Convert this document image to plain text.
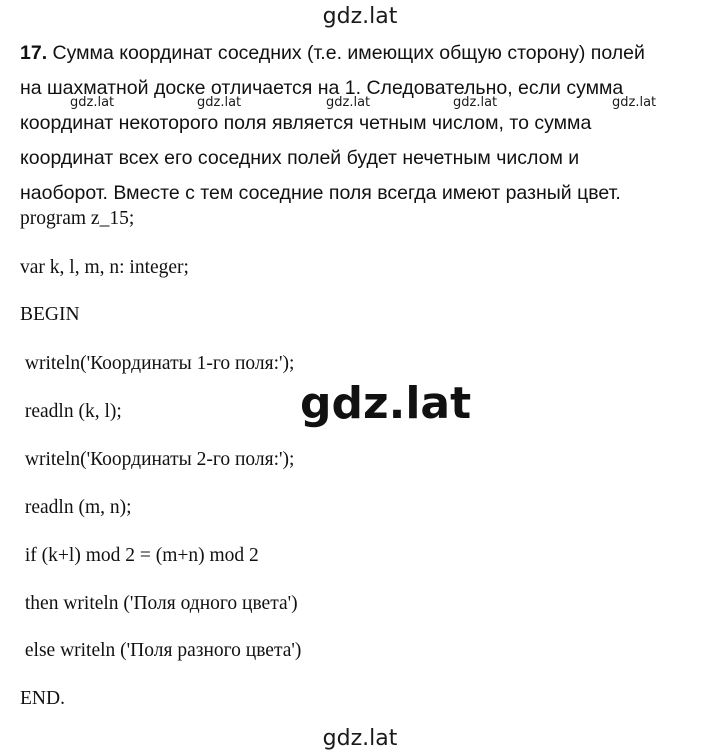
gdz.lat
17. Сумма координат соседних (т.е. имеющих общую сторону) полей
на шахматной доске отличается на 1. Следовательно, если сумма
координат некоторого поля является четным числом, то сумма
координат всех его соседних полей будет нечетным числом и
наоборот. Вместе с тем соседние поля всегда имеют разный цвет.
gdz.lat	gdz.lat	gdz.lat	gdz.lat	gdz.lat
program z_15;
var k, l, m, n: integer;
BEGIN
writeln('Координаты 1-го поля:');
readln (k, l);
writeln('Координаты 2-го поля:');
readln (m, n);
if (k+l) mod 2 = (m+n) mod 2
then writeln ('Поля одного цвета')
else writeln ('Поля разного цвета')
END.
gdz.lat
gdz.lat
